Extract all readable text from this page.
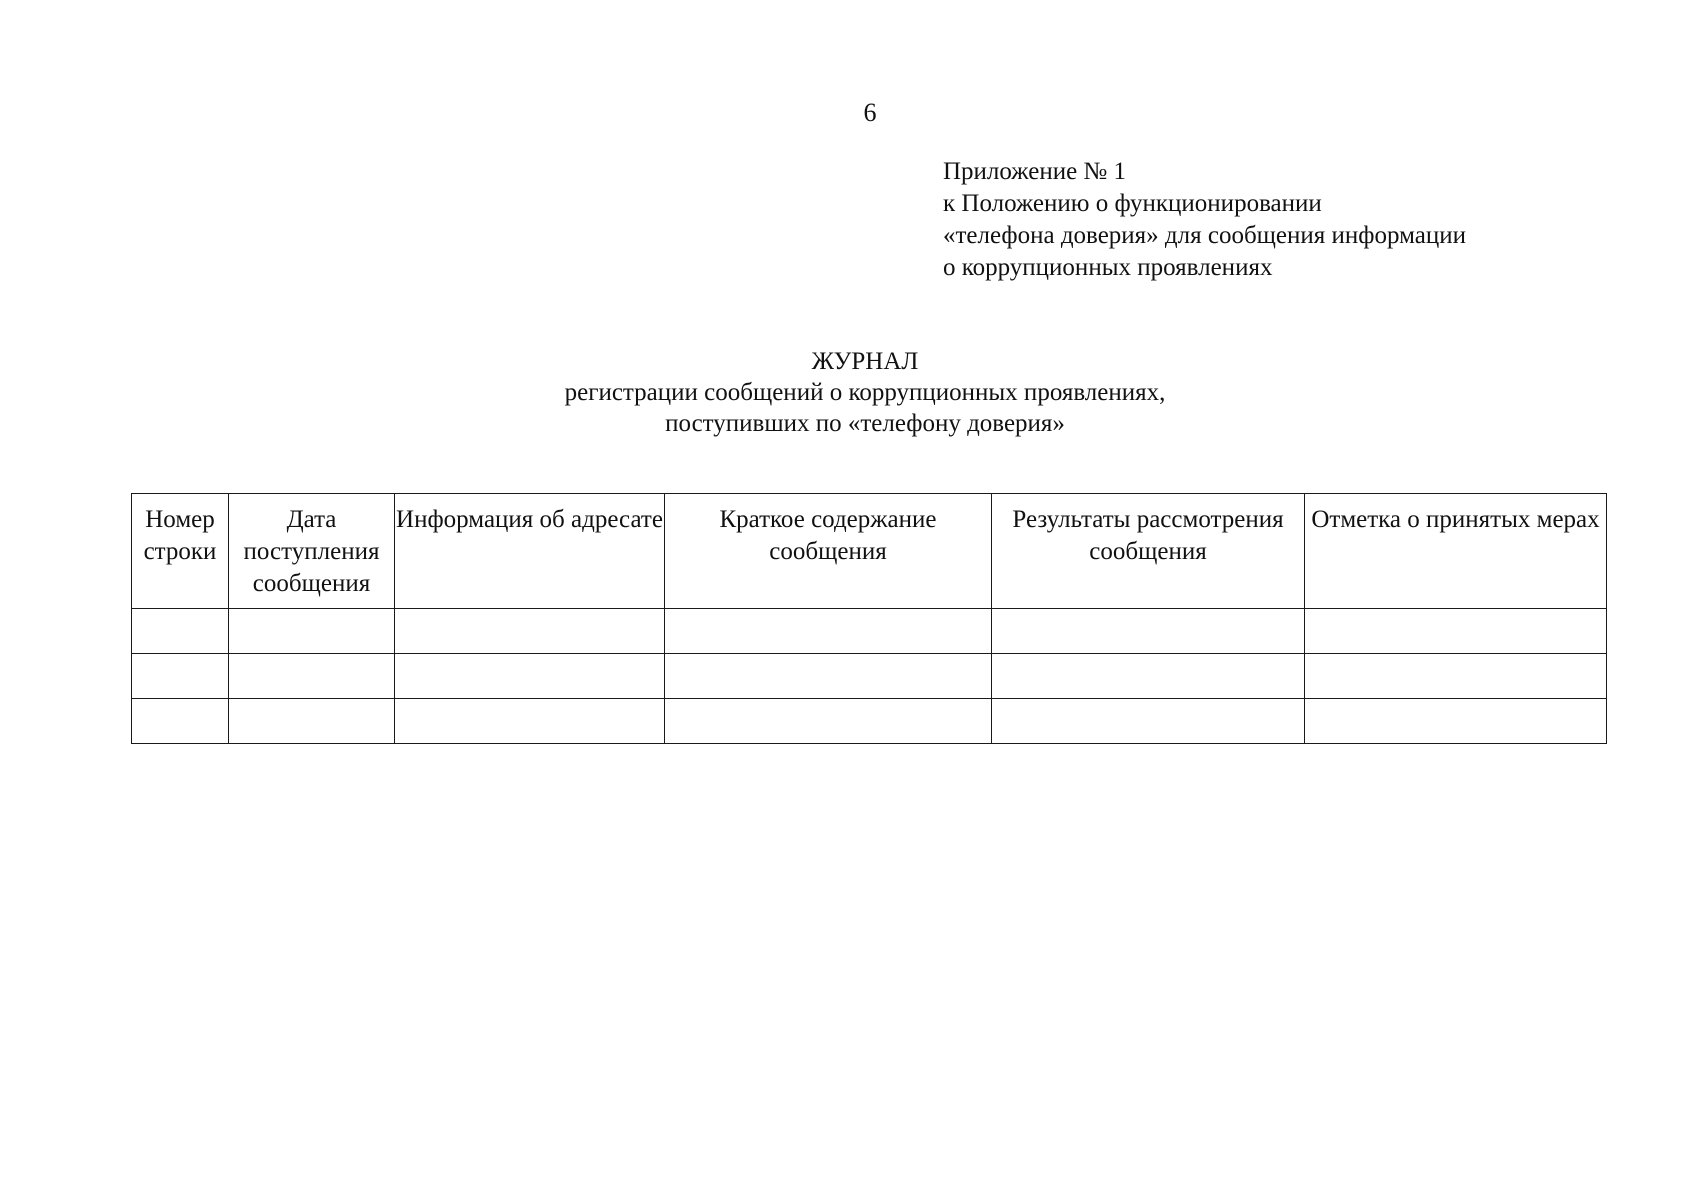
6
Приложение № 1
к Положению о функционировании
«телефона доверия» для сообщения информации
о коррупционных проявлениях
ЖУРНАЛ
регистрации сообщений о коррупционных проявлениях,
поступивших по «телефону доверия»
Номер строки	Дата поступления сообщения	Информация об адресате	Краткое содержание сообщения	Результаты рассмотрения сообщения	Отметка о принятых мерах
